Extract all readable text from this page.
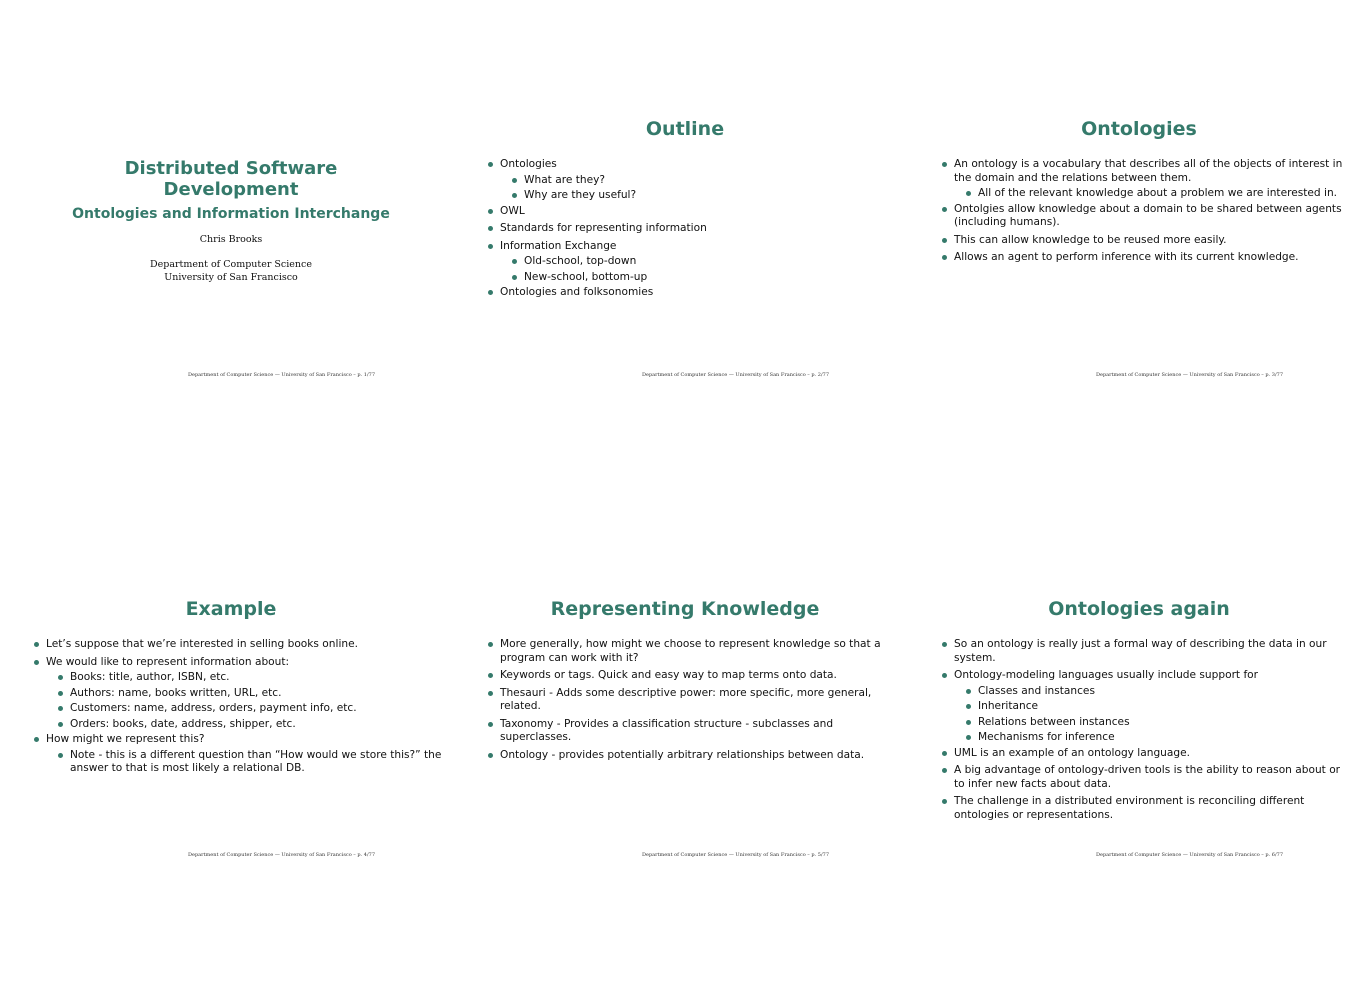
Distributed Software
Development
Ontologies and Information Interchange
Chris Brooks
Department of Computer Science
University of San Francisco
Department of Computer Science — University of San Francisco – p. 1/77
Outline
Ontologies
What are they?
Why are they useful?
OWL
Standards for representing information
Information Exchange
Old-school, top-down
New-school, bottom-up
Ontologies and folksonomies
Department of Computer Science — University of San Francisco – p. 2/77
Ontologies
An ontology is a vocabulary that describes all of the objects of interest in the domain and the relations between them.
All of the relevant knowledge about a problem we are interested in.
Ontolgies allow knowledge about a domain to be shared between agents (including humans).
This can allow knowledge to be reused more easily.
Allows an agent to perform inference with its current knowledge.
Department of Computer Science — University of San Francisco – p. 3/77
Example
Let’s suppose that we’re interested in selling books online.
We would like to represent information about:
Books: title, author, ISBN, etc.
Authors: name, books written, URL, etc.
Customers: name, address, orders, payment info, etc.
Orders: books, date, address, shipper, etc.
How might we represent this?
Note - this is a different question than “How would we store this?” the answer to that is most likely a relational DB.
Department of Computer Science — University of San Francisco – p. 4/77
Representing Knowledge
More generally, how might we choose to represent knowledge so that a program can work with it?
Keywords or tags. Quick and easy way to map terms onto data.
Thesauri - Adds some descriptive power: more specific, more general, related.
Taxonomy - Provides a classification structure - subclasses and superclasses.
Ontology - provides potentially arbitrary relationships between data.
Department of Computer Science — University of San Francisco – p. 5/77
Ontologies again
So an ontology is really just a formal way of describing the data in our system.
Ontology-modeling languages usually include support for
Classes and instances
Inheritance
Relations between instances
Mechanisms for inference
UML is an example of an ontology language.
A big advantage of ontology-driven tools is the ability to reason about or to infer new facts about data.
The challenge in a distributed environment is reconciling different ontologies or representations.
Department of Computer Science — University of San Francisco – p. 6/77
